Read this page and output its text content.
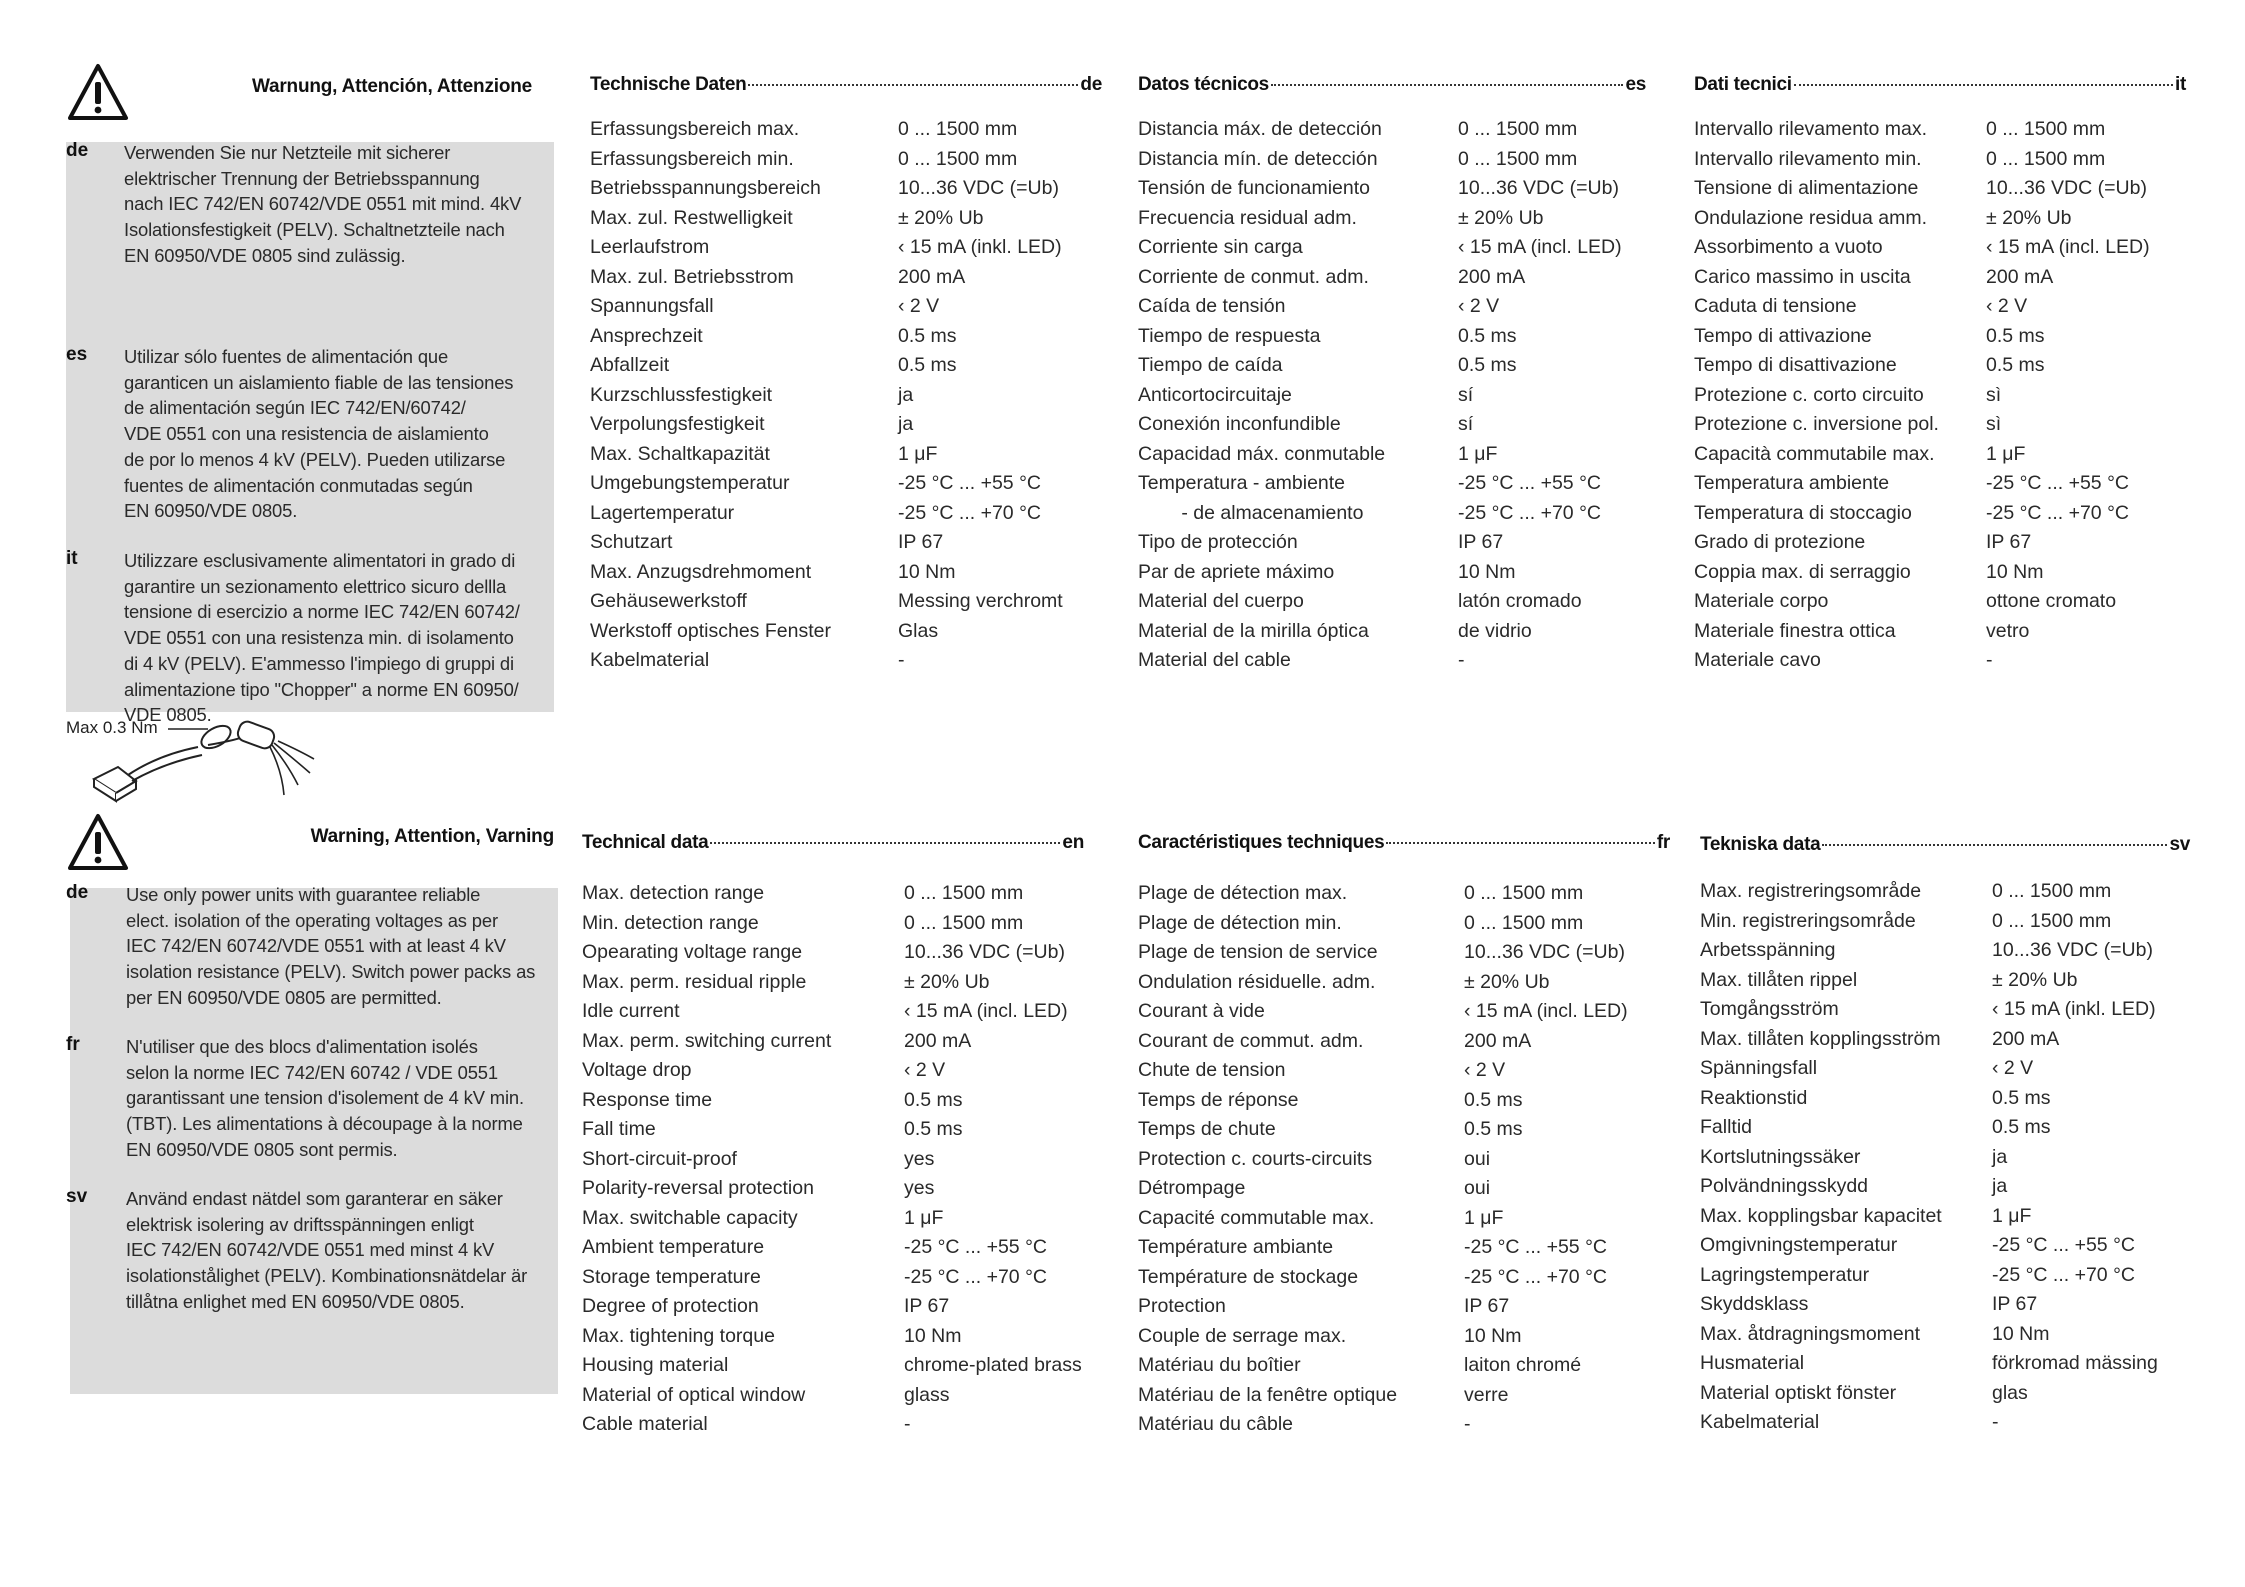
Warnung, Attención, Attenzione
de	Verwenden Sie nur Netzteile mit sicherer
elektrischer Trennung der Betriebsspannung
nach IEC 742/EN 60742/VDE 0551 mit mind. 4kV
Isolationsfestigkeit (PELV). Schaltnetzteile nach
EN 60950/VDE 0805 sind zulässig.
es	Utilizar sólo fuentes de alimentación que
garanticen un aislamiento fiable de las tensiones
de alimentación según IEC 742/EN/60742/
VDE 0551 con una resistencia de aislamiento
de por lo menos 4 kV (PELV). Pueden utilizarse
fuentes de alimentación conmutadas según
EN 60950/VDE 0805.
it	Utilizzare esclusivamente alimentatori in grado di
garantire un sezionamento elettrico sicuro dellla
tensione di esercizio a norme IEC 742/EN 60742/
VDE 0551 con una resistenza min. di isolamento
di 4 kV (PELV). E'ammesso l'impiego di gruppi di
alimentazione tipo "Chopper" a norme EN 60950/
VDE 0805.
Max 0.3 Nm
Warning, Attention, Varning
de	Use only power units with guarantee reliable
elect. isolation of the operating voltages as per
IEC 742/EN 60742/VDE 0551 with at least 4 kV
isolation resistance (PELV). Switch power packs as
per EN 60950/VDE 0805 are permitted.
fr	N'utiliser que des blocs d'alimentation isolés
selon la norme IEC 742/EN 60742 / VDE 0551
garantissant une tension d'isolement de 4 kV min.
(TBT). Les alimentations à découpage à la norme
EN 60950/VDE 0805 sont permis.
sv	Använd endast nätdel som garanterar en säker
elektrisk isolering av driftsspänningen enligt
IEC 742/EN 60742/VDE 0551 med minst 4 kV
isolationstålighet (PELV). Kombinationsnätdelar är
tillåtna enlighet med EN 60950/VDE 0805.
Technische Daten	de
Erfassungsbereich max.	0 ... 1500 mm
Erfassungsbereich min.	0 ... 1500 mm
Betriebsspannungsbereich	10...36 VDC (=Ub)
Max. zul. Restwelligkeit	± 20% Ub
Leerlaufstrom	‹ 15 mA (inkl. LED)
Max. zul. Betriebsstrom	200 mA
Spannungsfall	‹ 2 V
Ansprechzeit	0.5 ms
Abfallzeit	0.5 ms
Kurzschlussfestigkeit	ja
Verpolungsfestigkeit	ja
Max. Schaltkapazität	1 μF
Umgebungstemperatur	-25 °C ... +55 °C
Lagertemperatur	-25 °C ... +70 °C
Schutzart	IP 67
Max. Anzugsdrehmoment	10 Nm
Gehäusewerkstoff	Messing verchromt
Werkstoff optisches Fenster	Glas
Kabelmaterial	-
Datos técnicos	es
Distancia máx. de detección	0 ... 1500 mm
Distancia mín. de detección	0 ... 1500 mm
Tensión de funcionamiento	10...36 VDC (=Ub)
Frecuencia residual adm.	± 20% Ub
Corriente sin carga	‹ 15 mA (incl. LED)
Corriente de conmut. adm.	200 mA
Caída de tensión	‹ 2 V
Tiempo de respuesta	0.5 ms
Tiempo de caída	0.5 ms
Anticortocircuitaje	sí
Conexión inconfundible	sí
Capacidad máx. conmutable	1 μF
Temperatura - ambiente	-25 °C ... +55 °C
- de almacenamiento	-25 °C ... +70 °C
Tipo de protección	IP 67
Par de apriete máximo	10 Nm
Material del cuerpo	latón cromado
Material de la mirilla óptica	de vidrio
Material del cable	-
Dati tecnici	it
Intervallo rilevamento max.	0 ... 1500 mm
Intervallo rilevamento min.	0 ... 1500 mm
Tensione di alimentazione	10...36 VDC (=Ub)
Ondulazione residua amm.	± 20% Ub
Assorbimento a vuoto	‹ 15 mA (incl. LED)
Carico massimo in uscita	200 mA
Caduta di tensione	‹ 2 V
Tempo di attivazione	0.5 ms
Tempo di disattivazione	0.5 ms
Protezione c. corto circuito	sì
Protezione c. inversione pol. sì
Capacità commutabile max.	1 μF
Temperatura ambiente	-25 °C ... +55 °C
Temperatura di stoccagio	-25 °C ... +70 °C
Grado di protezione	IP 67
Coppia max. di serraggio	10 Nm
Materiale corpo	ottone cromato
Materiale finestra ottica	vetro
Materiale cavo	-
Technical data	en
Max. detection range	0 ... 1500 mm
Min. detection range	0 ... 1500 mm
Opearating voltage range	10...36 VDC (=Ub)
Max. perm. residual ripple	± 20% Ub
Idle current	‹ 15 mA (incl. LED)
Max. perm. switching current	200 mA
Voltage drop	‹ 2 V
Response time	0.5 ms
Fall time	0.5 ms
Short-circuit-proof	yes
Polarity-reversal protection	yes
Max. switchable capacity	1 μF
Ambient temperature	-25 °C ... +55 °C
Storage temperature	-25 °C ... +70 °C
Degree of protection	IP 67
Max. tightening torque	10 Nm
Housing material	chrome-plated brass
Material of optical window	glass
Cable material	-
Caractéristiques techniques	fr
Plage de détection max.	0 ... 1500 mm
Plage de détection min.	0 ... 1500 mm
Plage de tension de service	10...36 VDC (=Ub)
Ondulation résiduelle. adm.	± 20% Ub
Courant à vide	‹ 15 mA (incl. LED)
Courant de commut. adm.	200 mA
Chute de tension	‹ 2 V
Temps de réponse	0.5 ms
Temps de chute	0.5 ms
Protection c. courts-circuits	oui
Détrompage	oui
Capacité commutable max.	1 μF
Température ambiante	-25 °C ... +55 °C
Température de stockage	-25 °C ... +70 °C
Protection	IP 67
Couple de serrage max.	10 Nm
Matériau du boîtier	laiton chromé
Matériau de la fenêtre optique	verre
Matériau du câble	-
Tekniska data	sv
Max. registreringsområde	0 ... 1500 mm
Min. registreringsområde	0 ... 1500 mm
Arbetsspänning	10...36 VDC (=Ub)
Max. tillåten rippel	± 20% Ub
Tomgångsström	‹ 15 mA (inkl. LED)
Max. tillåten kopplingsström	200 mA
Spänningsfall	‹ 2 V
Reaktionstid	0.5 ms
Falltid	0.5 ms
Kortslutningssäker	ja
Polvändningsskydd	ja
Max. kopplingsbar kapacitet	1 μF
Omgivningstemperatur	-25 °C ... +55 °C
Lagringstemperatur	-25 °C ... +70 °C
Skyddsklass	IP 67
Max. åtdragningsmoment	10 Nm
Husmaterial	förkromad mässing
Material optiskt fönster	glas
Kabelmaterial	-
